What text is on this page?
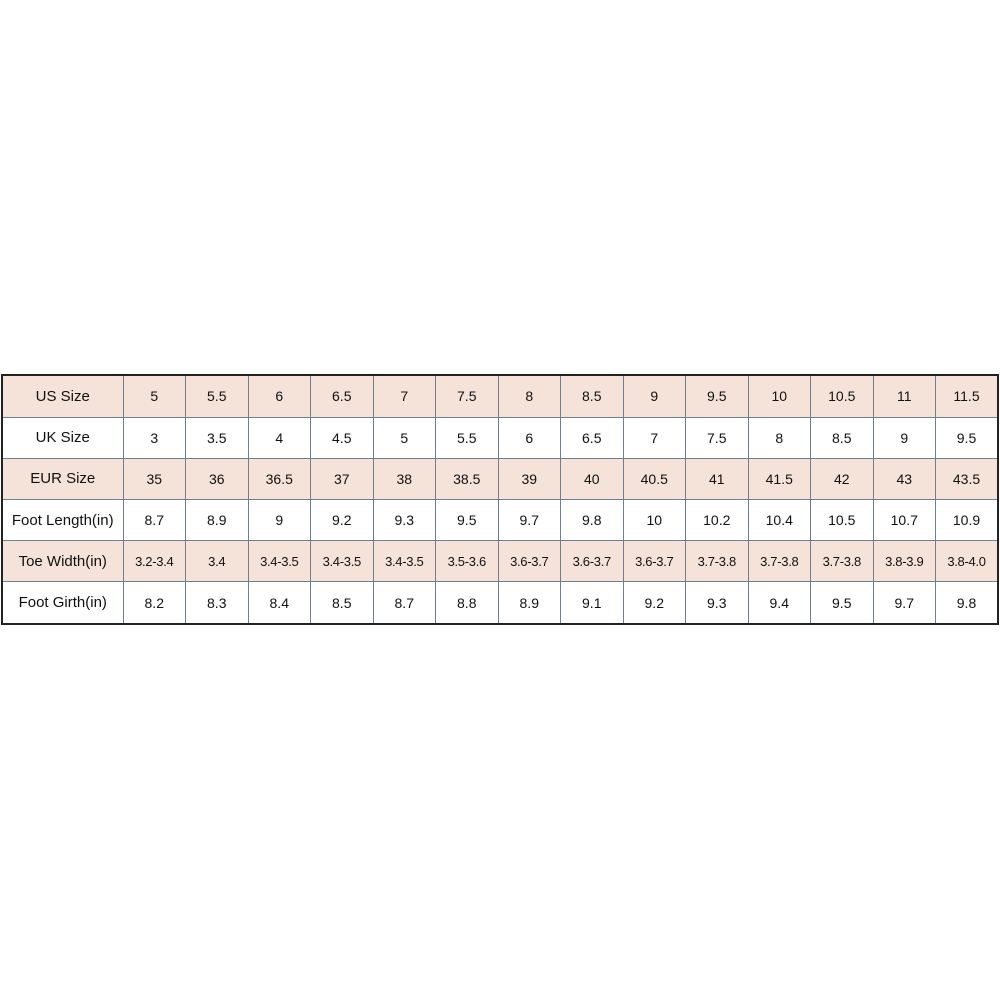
US Size	5	5.5	6	6.5	7	7.5	8	8.5	9	9.5	10	10.5	11	11.5
UK Size	3	3.5	4	4.5	5	5.5	6	6.5	7	7.5	8	8.5	9	9.5
EUR Size	35	36	36.5	37	38	38.5	39	40	40.5	41	41.5	42	43	43.5
Foot Length(in)	8.7	8.9	9	9.2	9.3	9.5	9.7	9.8	10	10.2	10.4	10.5	10.7	10.9
Toe Width(in)	3.2-3.4	3.4	3.4-3.5	3.4-3.5	3.4-3.5	3.5-3.6	3.6-3.7	3.6-3.7	3.6-3.7	3.7-3.8	3.7-3.8	3.7-3.8	3.8-3.9	3.8-4.0
Foot Girth(in)	8.2	8.3	8.4	8.5	8.7	8.8	8.9	9.1	9.2	9.3	9.4	9.5	9.7	9.8
